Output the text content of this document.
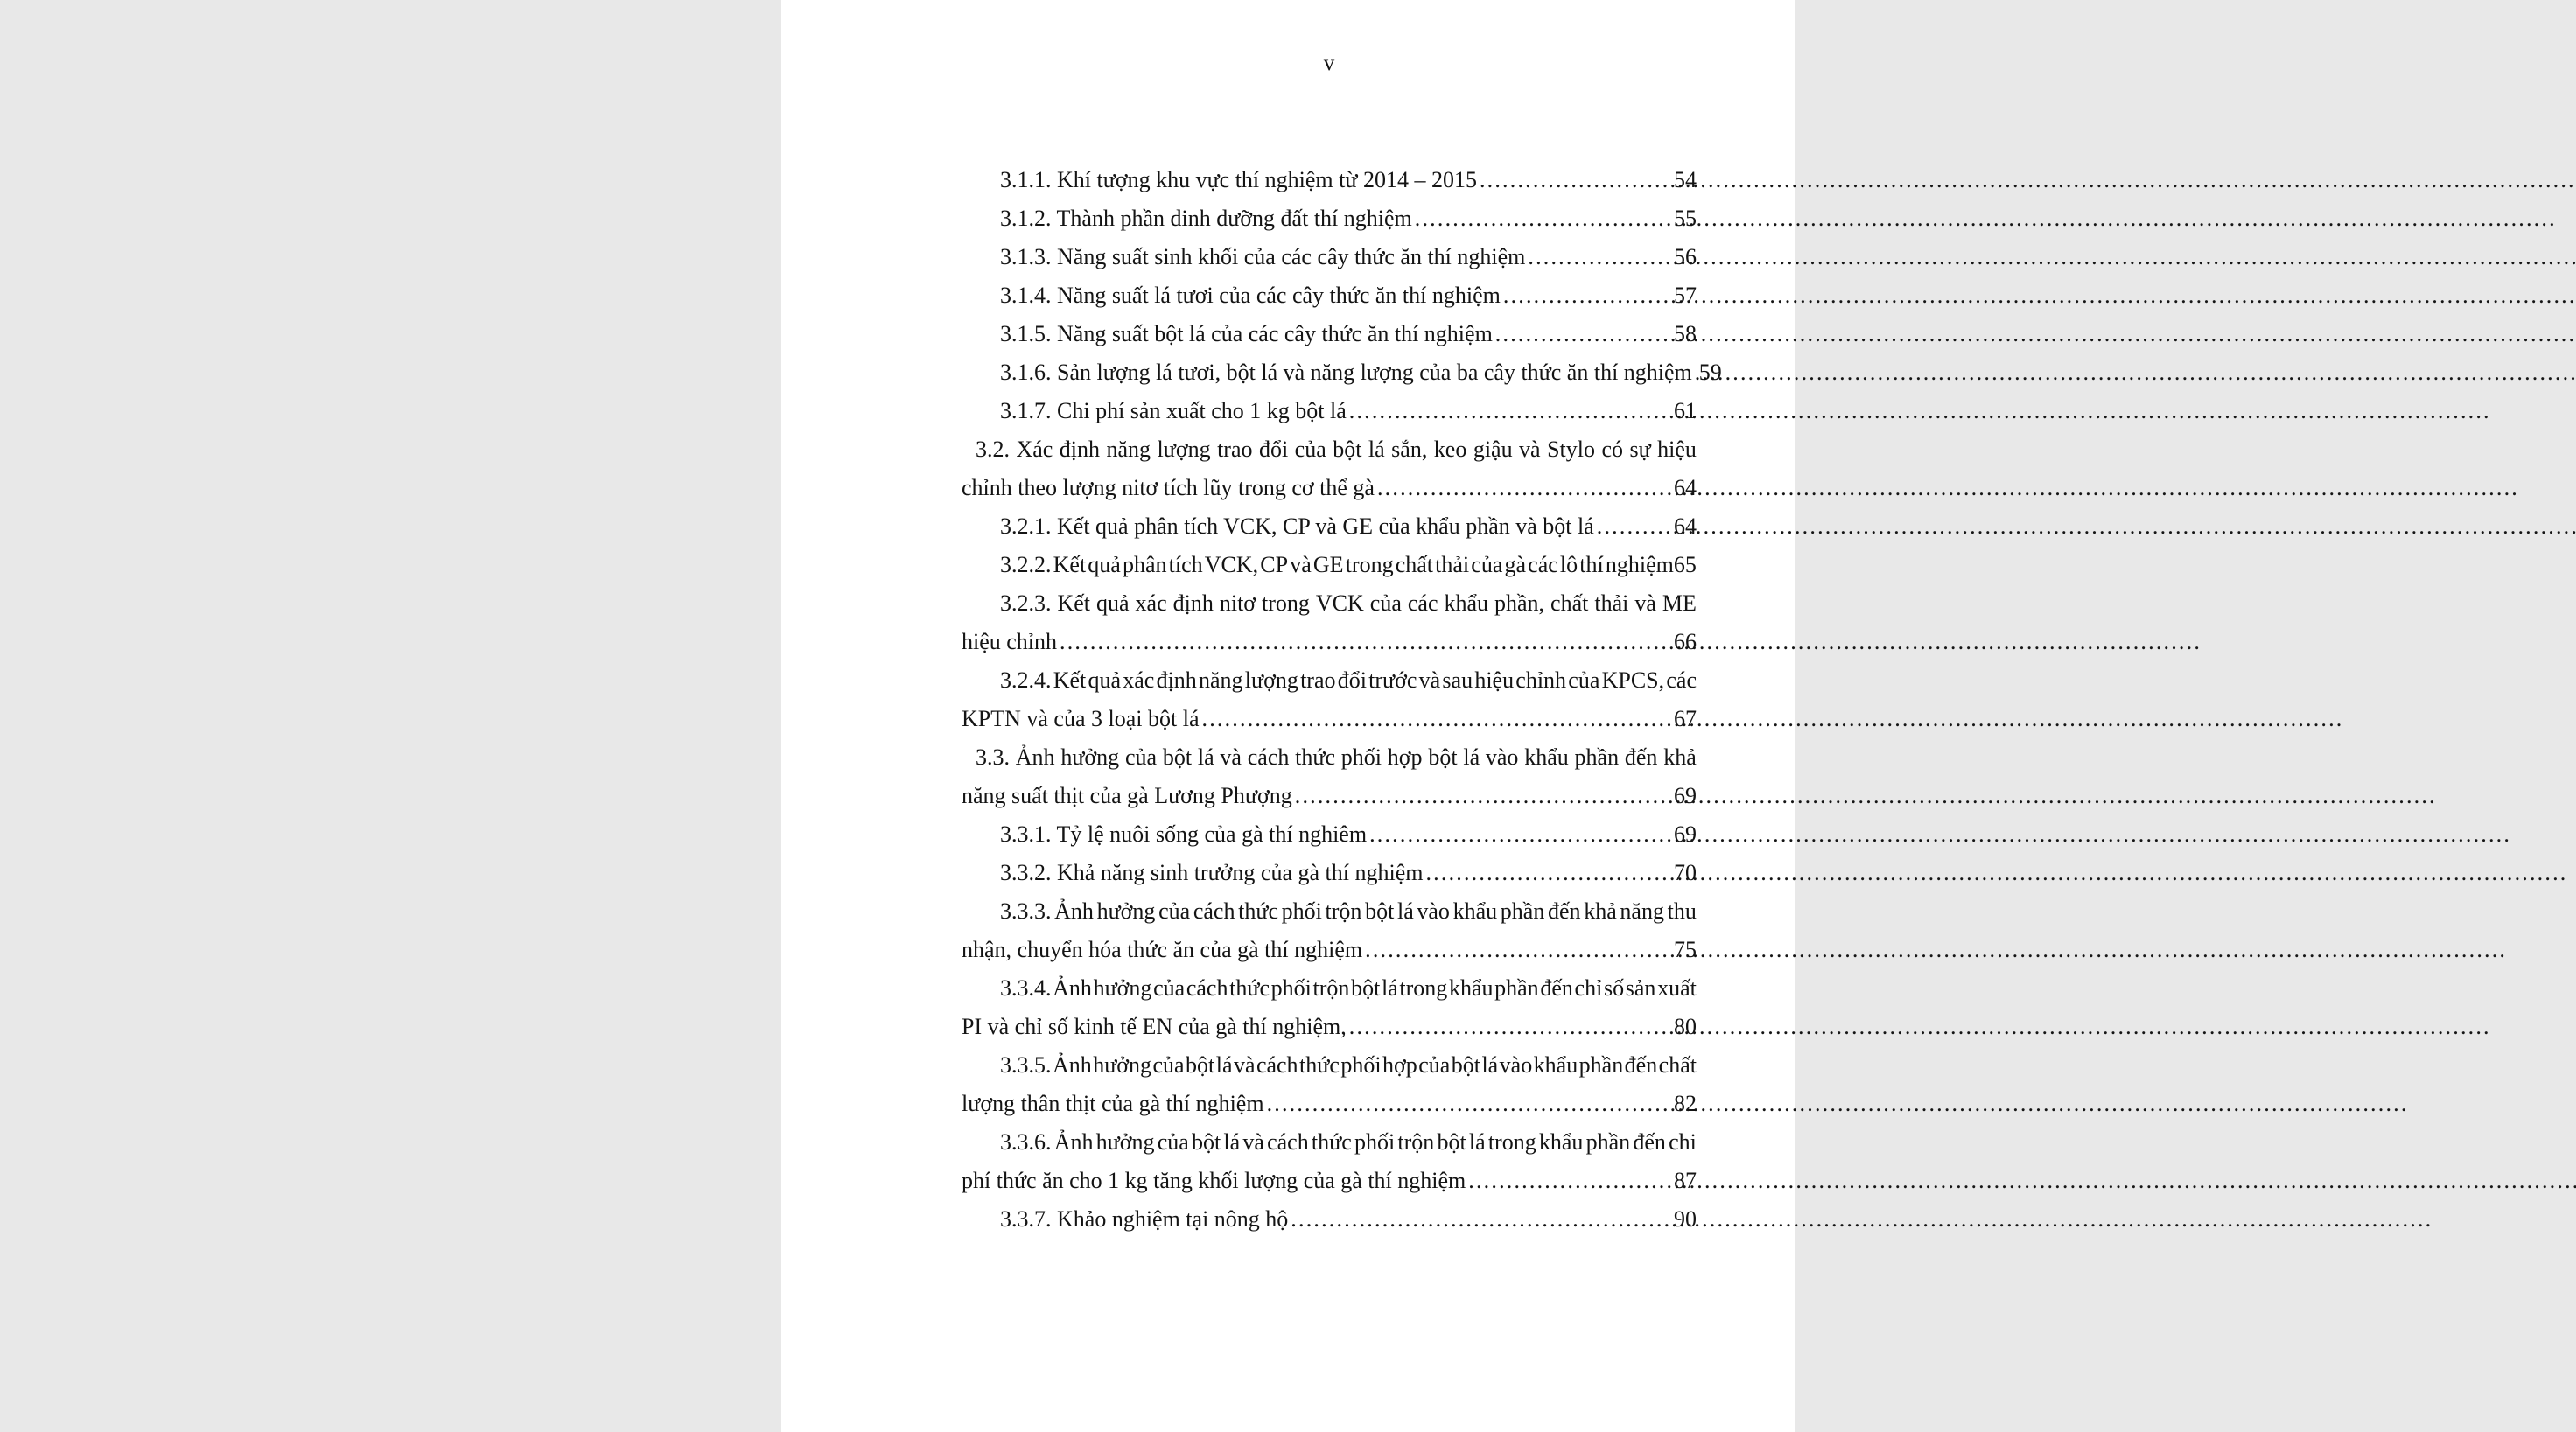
v
3.1.1. Khí tượng khu vực thí nghiệm từ 2014 – 2015 .....	54
3.1.2. Thành phần dinh dưỡng đất thí nghiệm .....	55
3.1.3. Năng suất sinh khối của các cây thức ăn thí nghiệm .....	56
3.1.4. Năng suất lá tươi của các cây thức ăn thí nghiệm .....	57
3.1.5. Năng suất bột lá của các cây thức ăn thí nghiệm .....	58
3.1.6. Sản lượng lá tươi, bột lá và năng lượng của ba cây thức ăn thí nghiệm ..... 59
3.1.7. Chi phí sản xuất cho 1 kg bột lá .....	61
3.2. Xác định năng lượng trao đổi của bột lá sắn, keo giậu và Stylo có sự hiệu
chỉnh theo lượng nitơ tích lũy trong cơ thể gà .....	64
3.2.1. Kết quả phân tích VCK, CP và GE của khẩu phần và bột lá .....	64
3.2.2. Kết quả phân tích VCK, CP và GE trong chất thải của gà các lô thí nghiệm65
3.2.3. Kết quả xác định nitơ trong VCK của các khẩu phần, chất thải và ME
hiệu chỉnh .....	66
3.2.4. Kết quả xác định năng lượng trao đổi trước và sau hiệu chỉnh của KPCS, các
KPTN và của 3 loại bột lá .....	67
3.3. Ảnh hưởng của bột lá và cách thức phối hợp bột lá vào khẩu phần đến khả
năng suất thịt của gà Lương Phượng .....	69
3.3.1. Tỷ lệ nuôi sống của gà thí nghiêm .....	69
3.3.2. Khả năng sinh trưởng của gà thí nghiệm .....	70
3.3.3. Ảnh hưởng của cách thức phối trộn bột lá vào khẩu phần đến khả năng thu
nhận, chuyển hóa thức ăn của gà thí nghiệm .....	75
3.3.4. Ảnh hưởng của cách thức phối trộn bột lá trong khẩu phần đến chỉ số sản xuất
PI và chỉ số kinh tế EN của gà thí nghiệm, .....	80
3.3.5. Ảnh hưởng của bột lá và cách thức phối hợp của bột lá vào khẩu phần đến chất
lượng thân thịt của gà thí nghiệm .....	82
3.3.6. Ảnh hưởng của bột lá và cách thức phối trộn bột lá trong khẩu phần đến chi
phí thức ăn cho 1 kg tăng khối lượng của gà thí nghiệm .....	87
3.3.7. Khảo nghiệm tại nông hộ .....	90
